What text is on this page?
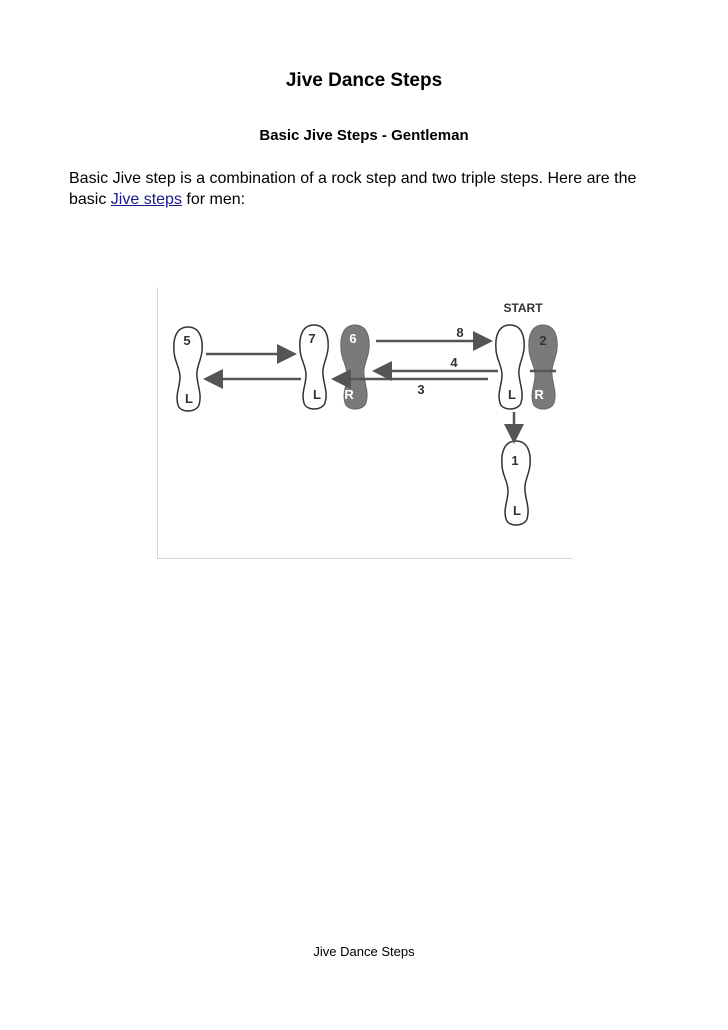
Jive Dance Steps
Basic Jive Steps - Gentleman
Basic Jive step is a combination of a rock step and two triple steps. Here are the basic Jive steps for men:
START
5
L
7
L
6
R
2
R
L
1
L
8
4
3
Jive Dance Steps
